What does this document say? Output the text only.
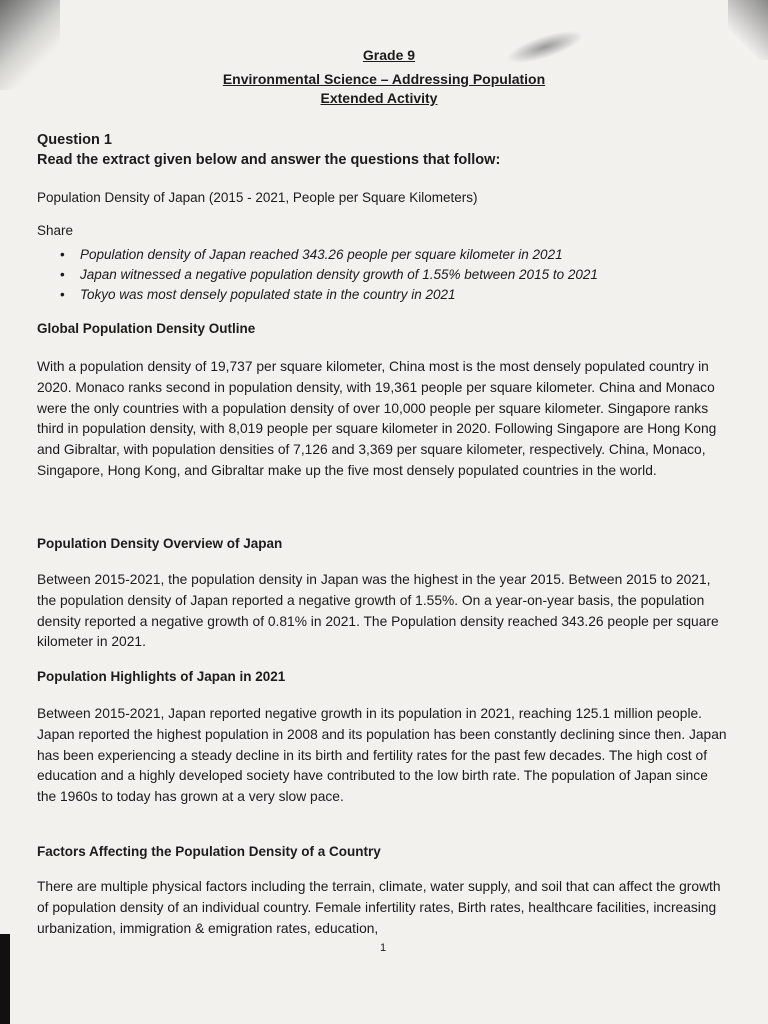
Grade 9

Environmental Science – Addressing Population

Extended Activity

Question 1

Read the extract given below and answer the questions that follow:

Population Density of Japan (2015 - 2021, People per Square Kilometers)

Share

• Population density of Japan reached 343.26 people per square kilometer in 2021
• Japan witnessed a negative population density growth of 1.55% between 2015 to 2021
• Tokyo was most densely populated state in the country in 2021

Global Population Density Outline

With a population density of 19,737 per square kilometer, China most is the most densely populated country in 2020. Monaco ranks second in population density, with 19,361 people per square kilometer. China and Monaco were the only countries with a population density of over 10,000 people per square kilometer. Singapore ranks third in population density, with 8,019 people per square kilometer in 2020. Following Singapore are Hong Kong and Gibraltar, with population densities of 7,126 and 3,369 per square kilometer, respectively. China, Monaco, Singapore, Hong Kong, and Gibraltar make up the five most densely populated countries in the world.

Population Density Overview of Japan

Between 2015-2021, the population density in Japan was the highest in the year 2015. Between 2015 to 2021, the population density of Japan reported a negative growth of 1.55%. On a year-on-year basis, the population density reported a negative growth of 0.81% in 2021. The Population density reached 343.26 people per square kilometer in 2021.

Population Highlights of Japan in 2021

Between 2015-2021, Japan reported negative growth in its population in 2021, reaching 125.1 million people. Japan reported the highest population in 2008 and its population has been constantly declining since then. Japan has been experiencing a steady decline in its birth and fertility rates for the past few decades. The high cost of education and a highly developed society have contributed to the low birth rate. The population of Japan since the 1960s to today has grown at a very slow pace.

Factors Affecting the Population Density of a Country

There are multiple physical factors including the terrain, climate, water supply, and soil that can affect the growth of population density of an individual country. Female infertility rates, Birth rates, healthcare facilities, increasing urbanization, immigration & emigration rates, education,

1
